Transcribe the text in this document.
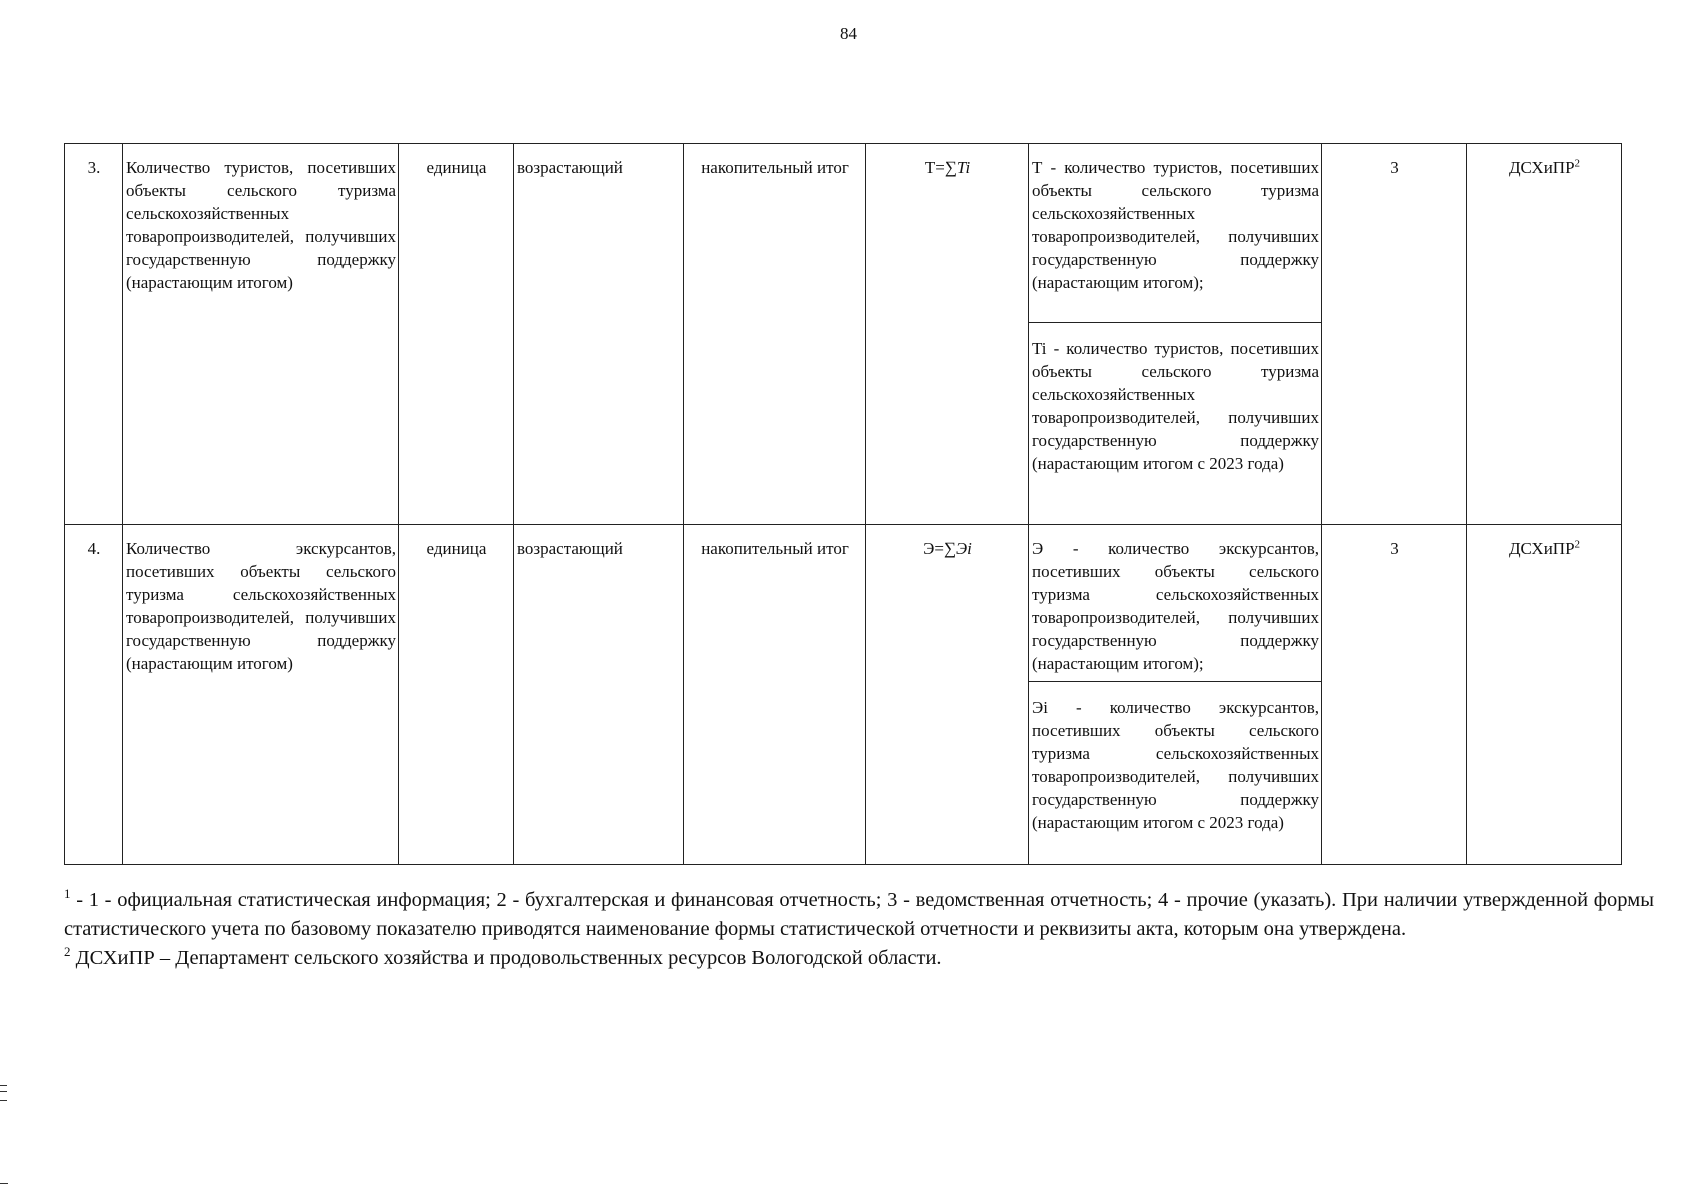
84
3.	Количество туристов, посетивших объекты сельского туризма сельскохозяйственных товаропроизводителей, получивших государственную поддержку (нарастающим итогом)	единица	возрастающий	накопительный итог	T=∑Ti	Т - количество туристов, посетивших объекты сельского туризма сельскохозяйственных товаропроизводителей, получивших государственную поддержку (нарастающим итогом);	3	ДСХиПР$^2$
						Ti - количество туристов, посетивших объекты сельского туризма сельскохозяйственных товаропроизводителей, получивших государственную поддержку (нарастающим итогом с 2023 года)		
4.	Количество экскурсантов, посетивших объекты сельского туризма сельскохозяйственных товаропроизводителей, получивших государственную поддержку (нарастающим итогом)	единица	возрастающий	накопительный итог	Э=∑Эi	Э - количество экскурсантов, посетивших объекты сельского туризма сельскохозяйственных товаропроизводителей, получивших государственную поддержку (нарастающим итогом);	3	ДСХиПР$^2$
						Эi - количество экскурсантов, посетивших объекты сельского туризма сельскохозяйственных товаропроизводителей, получивших государственную поддержку (нарастающим итогом с 2023 года)		

$^1$ - 1 - официальная статистическая информация; 2 - бухгалтерская и финансовая отчетность; 3 - ведомственная отчетность; 4 - прочие (указать). При наличии утвержденной формы статистического учета по базовому показателю приводятся наименование формы статистической отчетности и реквизиты акта, которым она утверждена.

$^2$ ДСХиПР – Департамент сельского хозяйства и продовольственных ресурсов Вологодской области.
